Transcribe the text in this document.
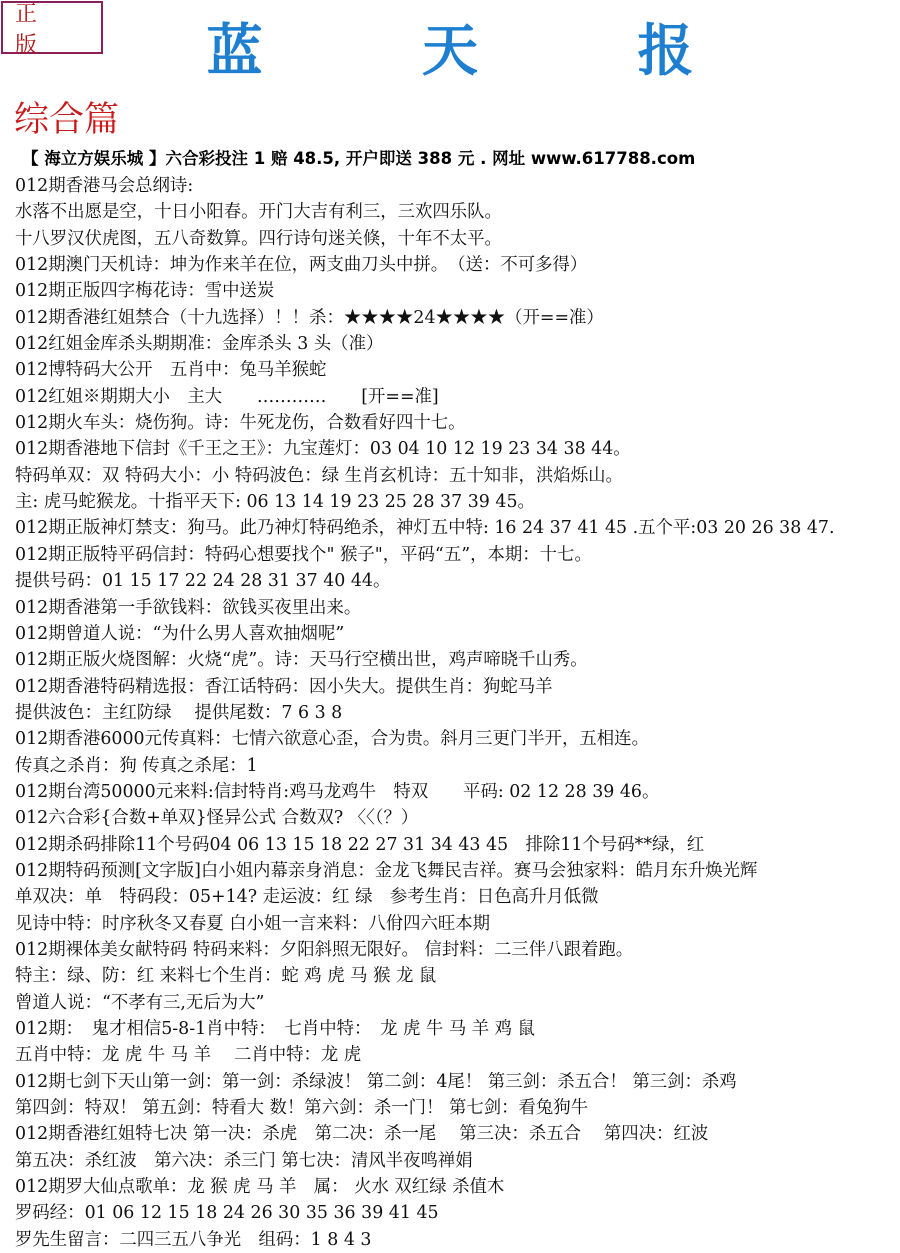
正 版	蓝 天 报
综合篇
【 海立方娱乐城 】六合彩投注 1 赔 48.5, 开户即送 388 元 . 网址 www.617788.com
012期香港马会总纲诗:
水落不出愿是空，十日小阳春。开门大吉有利三，三欢四乐队。
十八罗汉伏虎图，五八奇数算。四行诗句迷关倏，十年不太平。
012期澳门天机诗：坤为作来羊在位，两支曲刀头中拼。　（送：不可多得）
012期正版四字梅花诗：雪中送炭
012期香港红姐禁合（十九选择）！！杀：★★★★24★★★★（开==准）
012红姐金库杀头期期准：金库杀头 3 头（准）
012博特码大公开　五肖中：兔马羊猴蛇
012红姐※期期大小　主大　　…………　　[开==准]
012期火车头：烧伤狗。诗：牛死龙伤，合数看好四十七。
012期香港地下信封《千王之王》：九宝莲灯：03 04 10 12 19 23 34 38 44。
特码单双：双 特码大小：小 特码波色：绿 生肖玄机诗：五十知非，洪焰烁山。
主: 虎马蛇猴龙。十指平天下: 06 13 14 19 23 25 28 37 39 45。
012期正版神灯禁支：狗马。此乃神灯特码绝杀，神灯五中特: 16 24 37 41 45 .五个平:03 20 26 38 47.
012期正版特平码信封：特码心想要找个" 猴子"，平码“五”，本期：十七。
提供号码：01 15 17 22 24 28 31 37 40 44。
012期香港第一手欲钱料：欲钱买夜里出来。
012期曾道人说：“为什么男人喜欢抽烟呢”
012期正版火烧图解：火烧“虎”。诗：天马行空横出世，鸡声啼晓千山秀。
012期香港特码精选报：香江话特码：因小失大。提供生肖：狗蛇马羊
提供波色：主红防绿　 提供尾数：7 6 3 8
012期香港6000元传真料：七情六欲意心歪，合为贵。斜月三更门半开，五相连。
传真之杀肖：狗 传真之杀尾：1
012期台湾50000元来料:信封特肖:鸡马龙鸡牛　特双　　平码: 02 12 28 39 46。
012六合彩{合数+单双}怪异公式 合数双? 〈〈（？）
012期杀码排除11个号码04 06 13 15 18 22 27 31 34 43 45　排除11个号码**绿，红
012期特码预测[文字版]白小姐内幕亲身消息：金龙飞舞民吉祥。赛马会独家料：皓月东升焕光辉
单双决：单　特码段：05+14? 走运波：红 绿　参考生肖：日色高升月低微
见诗中特：时序秋冬又春夏 白小姐一言来料：八佾四六旺本期
012期裸体美女献特码 特码来料：夕阳斜照无限好。 信封料：二三伴八跟着跑。
特主：绿、防：红 来料七个生肖：蛇 鸡 虎 马 猴 龙 鼠
曾道人说：“不孝有三,无后为大”
012期：　鬼才相信5-8-1肖中特：　七肖中特：　龙 虎 牛 马 羊 鸡 鼠
五肖中特：龙 虎 牛 马 羊　 二肖中特：龙 虎
012期七剑下天山第一剑：第一剑：杀绿波！ 第二剑：4尾！ 第三剑：杀五合！ 第三剑：杀鸡
第四剑：特双！ 第五剑：特看大 数！第六剑：杀一门！ 第七剑：看兔狗牛
012期香港红姐特七决 第一决：杀虎　第二决：杀一尾　 第三决：杀五合　 第四决：红波
第五决：杀红波　第六决：杀三门 第七决：清风半夜鸣禅娟
012期罗大仙点歌单：龙 猴 虎 马 羊　属： 火水 双红绿 杀值木
罗码经：01 06 12 15 18 24 26 30 35 36 39 41 45
罗先生留言：二四三五八争光　组码：1 8 4 3
